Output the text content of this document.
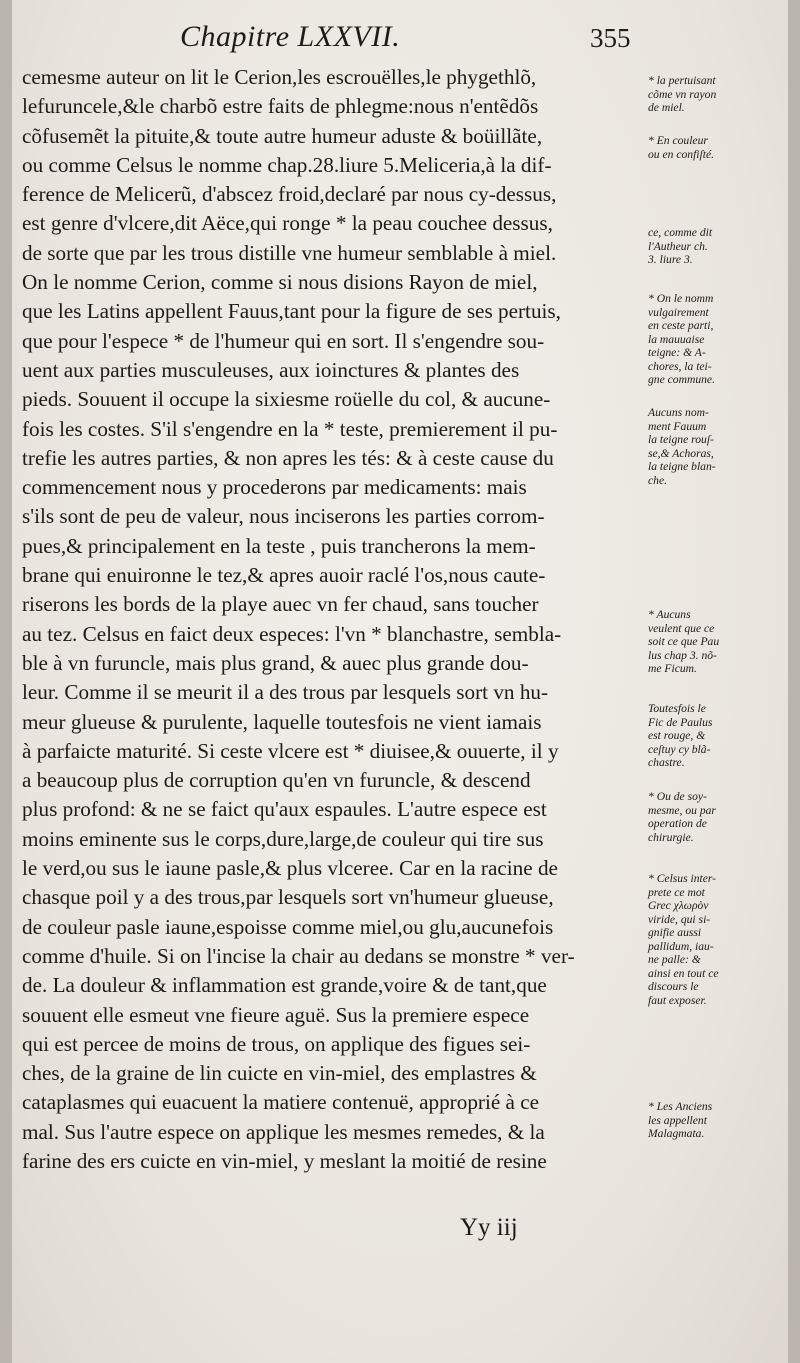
Chapitre LXXVII.	355
cemesme auteur on lit le Cerion,les escrouëlles,le phygethlõ,
lefuruncele,&le charbõ estre faits de phlegme:nous n'entẽdõs
cõfusemẽt la pituite,& toute autre humeur aduste & boüillãte,
ou comme Celsus le nomme chap.28.liure 5.Meliceria,à la dif-
ference de Melicerũ, d'abscez froid,declaré par nous cy-dessus,
est genre d'vlcere,dit Aëce,qui ronge * la peau couchee dessus,
de sorte que par les trous distille vne humeur semblable à miel.
On le nomme Cerion, comme si nous disions Rayon de miel,
que les Latins appellent Fauus,tant pour la figure de ses pertuis,
que pour l'espece * de l'humeur qui en sort. Il s'engendre sou-
uent aux parties musculeuses, aux ioinctures & plantes des
pieds. Souuent il occupe la sixiesme roüelle du col, & aucune-
fois les costes. S'il s'engendre en la * teste, premierement il pu-
trefie les autres parties, & non apres les tés: & à ceste cause du
commencement nous y procederons par medicaments: mais
s'ils sont de peu de valeur, nous inciserons les parties corrom-
pues,& principalement en la teste , puis trancherons la mem-
brane qui enuironne le tez,& apres auoir raclé l'os,nous caute-
riserons les bords de la playe auec vn fer chaud, sans toucher
au tez. Celsus en faict deux especes: l'vn * blanchastre, sembla-
ble à vn furuncle, mais plus grand, & auec plus grande dou-
leur. Comme il se meurit il a des trous par lesquels sort vn hu-
meur glueuse & purulente, laquelle toutesfois ne vient iamais
à parfaicte maturité. Si ceste vlcere est * diuisee,& ouuerte, il y
a beaucoup plus de corruption qu'en vn furuncle, & descend
plus profond: & ne se faict qu'aux espaules. L'autre espece est
moins eminente sus le corps,dure,large,de couleur qui tire sus
le verd,ou sus le iaune pasle,& plus vlceree. Car en la racine de
chasque poil y a des trous,par lesquels sort vn'humeur glueuse,
de couleur pasle iaune,espoisse comme miel,ou glu,aucunefois
comme d'huile. Si on l'incise la chair au dedans se monstre * ver-
de. La douleur & inflammation est grande,voire & de tant,que
souuent elle esmeut vne fieure aguë. Sus la premiere espece
qui est percee de moins de trous, on applique des figues sei-
ches, de la graine de lin cuicte en vin-miel, des emplastres &
cataplasmes qui euacuent la matiere contenuë, approprié à ce
mal. Sus l'autre espece on applique les mesmes remedes, & la
farine des ers cuicte en vin-miel, y meslant la moitié de resine
* la pertuisant
cõme vn rayon
de miel.
* En couleur
ou en confiſté.
ce, comme dit
l'Autheur ch.
3. liure 3.
* On le nomm
vulgairement
en ceste parti,
la mauuaise
teigne: & A-
chores, la tei-
gne commune.
Aucuns nom-
ment Fauum
la teigne rouſ-
se,& Achoras,
la teigne blan-
che.
* Aucuns
veulent que ce
soit ce que Pau
lus chap 3. nõ-
me Ficum.
Toutesfois le
Fic de Paulus
est rouge, &
ceſtuy cy blã-
chastre.
* Ou de soy-
mesme, ou par
operation de
chirurgie.
* Celsus inter-
prete ce mot
Grec χλωρὸν
viride, qui si-
gnifie aussi
pallidum, iau-
ne palle: &
ainsi en tout ce
discours le
faut exposer.
* Les Anciens
les appellent
Malagmata.
Yy iij
